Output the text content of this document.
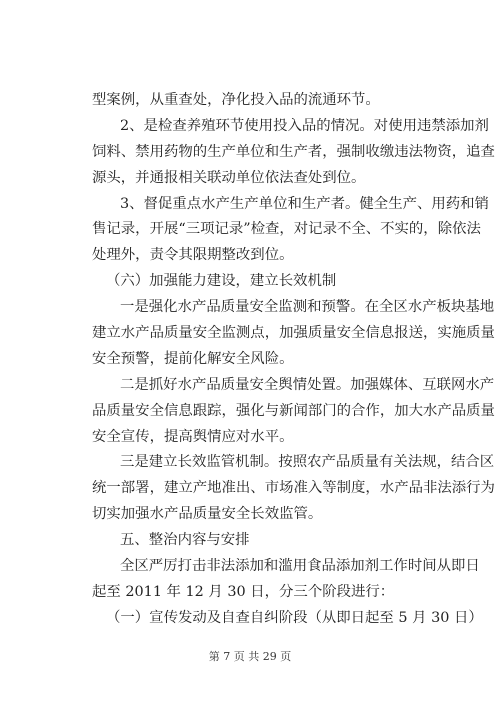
型案例，从重查处，净化投入品的流通环节。
2、是检查养殖环节使用投入品的情况。对使用违禁添加剂
饲料、禁用药物的生产单位和生产者，强制收缴违法物资，追查
源头，并通报相关联动单位依法查处到位。
3、督促重点水产生产单位和生产者。健全生产、用药和销
售记录，开展“三项记录”检查，对记录不全、不实的，除依法
处理外，责令其限期整改到位。
（六）加强能力建设，建立长效机制
一是强化水产品质量安全监测和预警。在全区水产板块基地
建立水产品质量安全监测点，加强质量安全信息报送，实施质量
安全预警，提前化解安全风险。
二是抓好水产品质量安全舆情处置。加强媒体、互联网水产
品质量安全信息跟踪，强化与新闻部门的合作，加大水产品质量
安全宣传，提高舆情应对水平。
三是建立长效监管机制。按照农产品质量有关法规，结合区
统一部署，建立产地准出、市场准入等制度，水产品非法添行为
切实加强水产品质量安全长效监管。
五、整治内容与安排
全区严厉打击非法添加和滥用食品添加剂工作时间从即日
起至 2011 年 12 月 30 日，分三个阶段进行：
（一）宣传发动及自查自纠阶段（从即日起至 5 月 30 日）
第 7 页 共 29 页
